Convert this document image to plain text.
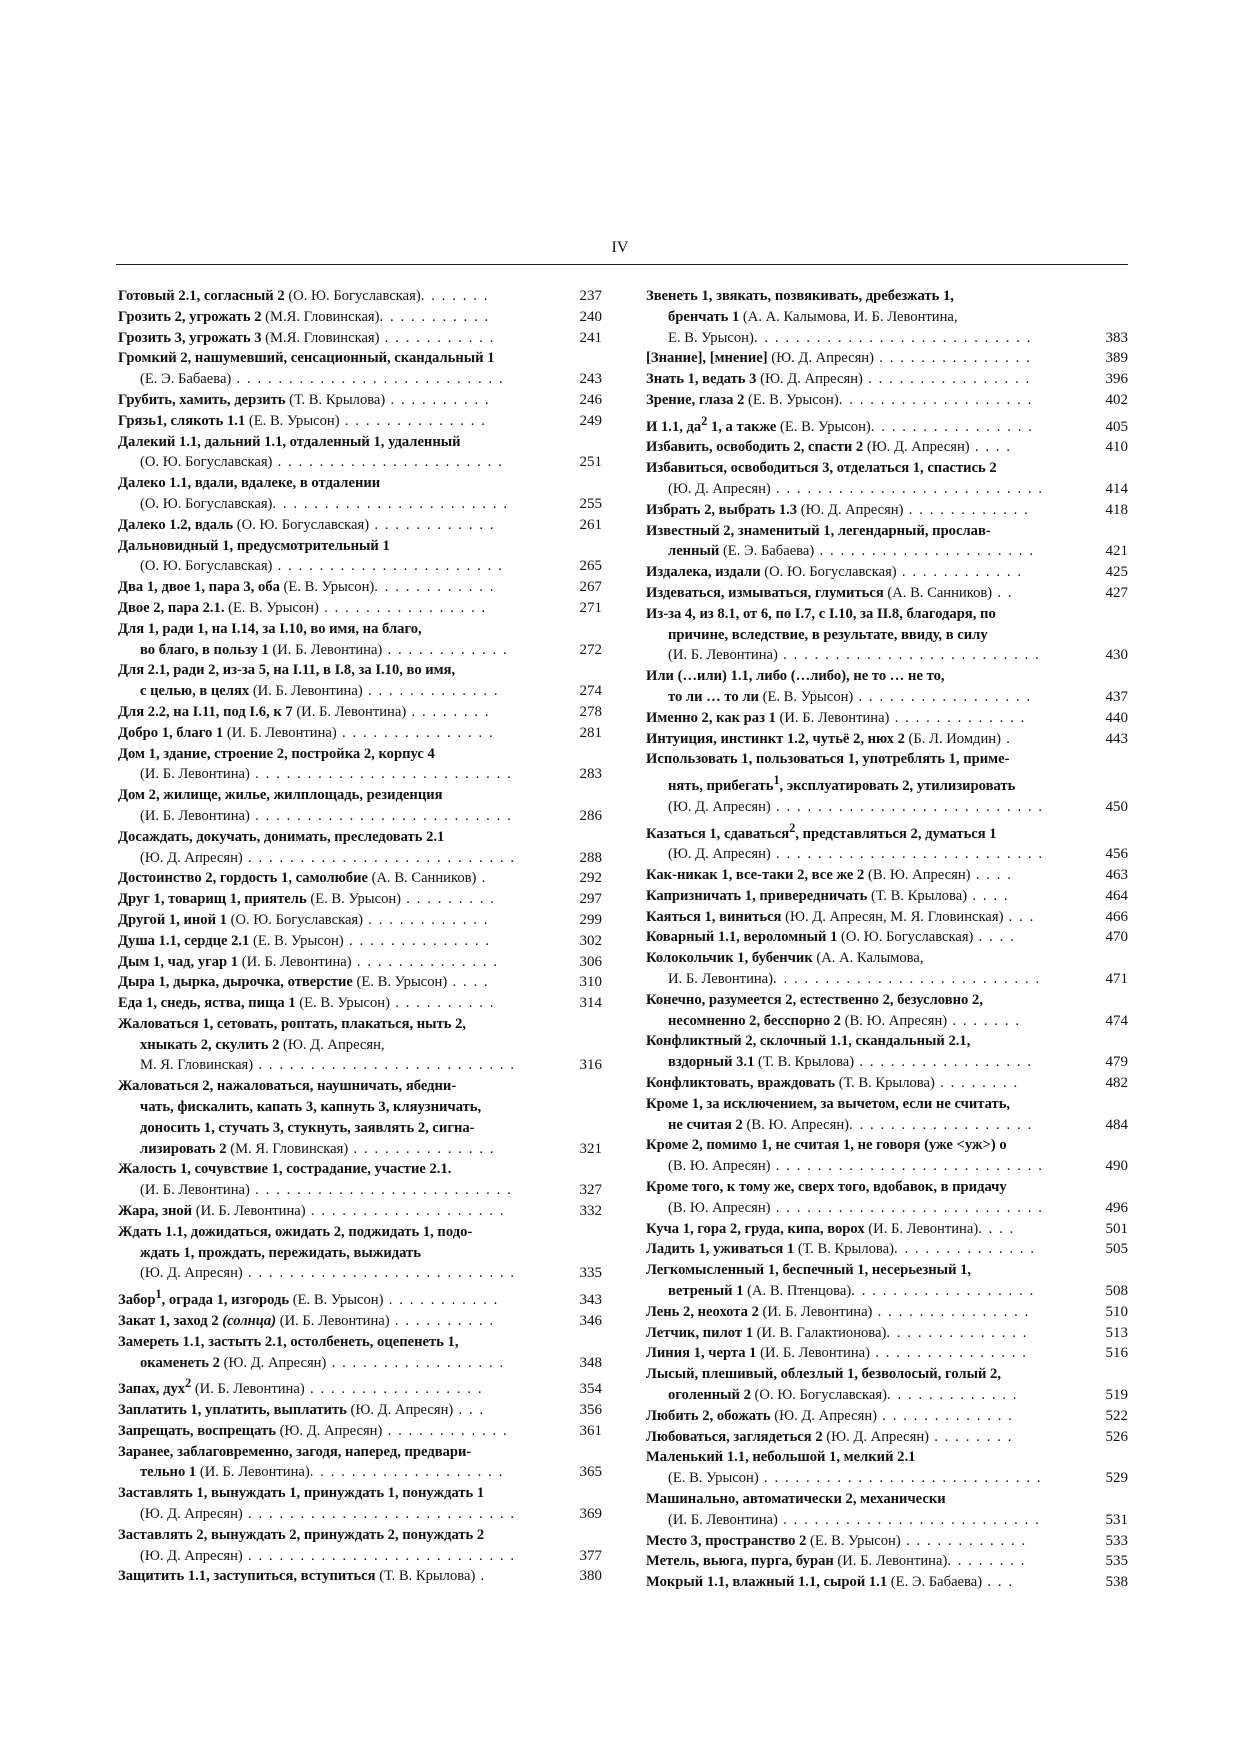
IV
Готовый 2.1, согласный 2 (О. Ю. Богуславская). . . . . . .	237
Грозить 2, угрожать 2 (М.Я. Гловинская). . . . . . . . . . .	240
Грозить 3, угрожать 3 (М.Я. Гловинская) . . . . . . . . . . .	241
Громкий 2, нашумевший, сенсационный, скандальный 1
(Е. Э. Бабаева) . . . . . . . . . . . . . . . . . . . . . . . . . .	243
Грубить, хамить, дерзить (Т. В. Крылова) . . . . . . . . . .	246
Грязь1, слякоть 1.1 (Е. В. Урысон) . . . . . . . . . . . . . .	249
Далекий 1.1, дальний 1.1, отдаленный 1, удаленный
(О. Ю. Богуславская) . . . . . . . . . . . . . . . . . . . . . .	251
Далеко 1.1, вдали, вдалеке, в отдалении
(О. Ю. Богуславская). . . . . . . . . . . . . . . . . . . . . . .	255
Далеко 1.2, вдаль (О. Ю. Богуславская) . . . . . . . . . . . .	261
Дальновидный 1, предусмотрительный 1
(О. Ю. Богуславская) . . . . . . . . . . . . . . . . . . . . . .	265
Два 1, двое 1, пара 3, оба (Е. В. Урысон). . . . . . . . . . . .	267
Двое 2, пара 2.1. (Е. В. Урысон) . . . . . . . . . . . . . . . .	271
Для 1, ради 1, на I.14, за I.10, во имя, на благо,
во благо, в пользу 1 (И. Б. Левонтина) . . . . . . . . . . . .	272
Для 2.1, ради 2, из-за 5, на I.11, в I.8, за I.10, во имя,
с целью, в целях (И. Б. Левонтина) . . . . . . . . . . . . .	274
Для 2.2, на I.11, под I.6, к 7 (И. Б. Левонтина) . . . . . . . .	278
Добро 1, благо 1 (И. Б. Левонтина) . . . . . . . . . . . . . . .	281
Дом 1, здание, строение 2, постройка 2, корпус 4
(И. Б. Левонтина) . . . . . . . . . . . . . . . . . . . . . . . . .	283
Дом 2, жилище, жилье, жилплощадь, резиденция
(И. Б. Левонтина) . . . . . . . . . . . . . . . . . . . . . . . . .	286
Досаждать, докучать, донимать, преследовать 2.1
(Ю. Д. Апресян) . . . . . . . . . . . . . . . . . . . . . . . . . .	288
Достоинство 2, гордость 1, самолюбие (А. В. Санников) .	292
Друг 1, товарищ 1, приятель (Е. В. Урысон) . . . . . . . . .	297
Другой 1, иной 1 (О. Ю. Богуславская) . . . . . . . . . . . .	299
Душа 1.1, сердце 2.1 (Е. В. Урысон) . . . . . . . . . . . . . .	302
Дым 1, чад, угар 1 (И. Б. Левонтина) . . . . . . . . . . . . . .	306
Дыра 1, дырка, дырочка, отверстие (Е. В. Урысон) . . . .	310
Еда 1, снедь, яства, пища 1 (Е. В. Урысон) . . . . . . . . . .	314
Жаловаться 1, сетовать, роптать, плакаться, ныть 2,
хныкать 2, скулить 2 (Ю. Д. Апресян,
М. Я. Гловинская) . . . . . . . . . . . . . . . . . . . . . . . . .	316
Жаловаться 2, нажаловаться, наушничать, ябедни-
чать, фискалить, капать 3, капнуть 3, кляузничать,
доносить 1, стучать 3, стукнуть, заявлять 2, сигна-
лизировать 2 (М. Я. Гловинская) . . . . . . . . . . . . . .	321
Жалость 1, сочувствие 1, сострадание, участие 2.1.
(И. Б. Левонтина) . . . . . . . . . . . . . . . . . . . . . . . . .	327
Жара, зной (И. Б. Левонтина) . . . . . . . . . . . . . . . . . . .	332
Ждать 1.1, дожидаться, ожидать 2, поджидать 1, подо-
ждать 1, прождать, пережидать, выжидать
(Ю. Д. Апресян) . . . . . . . . . . . . . . . . . . . . . . . . . .	335
Забор$^1$, ограда 1, изгородь (Е. В. Урысон) . . . . . . . . . . .	343
Закат 1, заход 2 (солнца) (И. Б. Левонтина) . . . . . . . . . .	346
Замереть 1.1, застыть 2.1, остолбенеть, оцепенеть 1,
окаменеть 2 (Ю. Д. Апресян) . . . . . . . . . . . . . . . . .	348
Запах, дух$^2$ (И. Б. Левонтина) . . . . . . . . . . . . . . . . .	354
Заплатить 1, уплатить, выплатить (Ю. Д. Апресян) . . .	356
Запрещать, воспрещать (Ю. Д. Апресян) . . . . . . . . . . . .	361
Заранее, заблаговременно, загодя, наперед, предвари-
тельно 1 (И. Б. Левонтина). . . . . . . . . . . . . . . . . . .	365
Заставлять 1, вынуждать 1, принуждать 1, понуждать 1
(Ю. Д. Апресян) . . . . . . . . . . . . . . . . . . . . . . . . . .	369
Заставлять 2, вынуждать 2, принуждать 2, понуждать 2
(Ю. Д. Апресян) . . . . . . . . . . . . . . . . . . . . . . . . . .	377
Защитить 1.1, заступиться, вступиться (Т. В. Крылова) .	380
Звенеть 1, звякать, позвякивать, дребезжать 1,
бренчать 1 (А. А. Калымова, И. Б. Левонтина,
Е. В. Урысон). . . . . . . . . . . . . . . . . . . . . . . . . . .	383
[Знание], [мнение] (Ю. Д. Апресян) . . . . . . . . . . . . . . .	389
Знать 1, ведать 3 (Ю. Д. Апресян) . . . . . . . . . . . . . . . .	396
Зрение, глаза 2 (Е. В. Урысон). . . . . . . . . . . . . . . . . . .	402
И 1.1, $да^2$ 1, а также (Е. В. Урысон). . . . . . . . . . . . . . . .	405
Избавить, освободить 2, спасти 2 (Ю. Д. Апресян) . . . .	410
Избавиться, освободиться 3, отделаться 1, спастись 2
(Ю. Д. Апресян) . . . . . . . . . . . . . . . . . . . . . . . . . .	414
Избрать 2, выбрать 1.3 (Ю. Д. Апресян) . . . . . . . . . . . .	418
Известный 2, знаменитый 1, легендарный, прослав-
ленный (Е. Э. Бабаева) . . . . . . . . . . . . . . . . . . . . .	421
Издалека, издали (О. Ю. Богуславская) . . . . . . . . . . . .	425
Издеваться, измываться, глумиться (А. В. Санников) . .	427
Из-за 4, из 8.1, от 6, по I.7, с I.10, за II.8, благодаря, по
причине, вследствие, в результате, ввиду, в силу
(И. Б. Левонтина) . . . . . . . . . . . . . . . . . . . . . . . . .	430
Или (…или) 1.1, либо (…либо), не то … не то,
то ли … то ли (Е. В. Урысон) . . . . . . . . . . . . . . . . .	437
Именно 2, как раз 1 (И. Б. Левонтина) . . . . . . . . . . . . .	440
Интуиция, инстинкт 1.2, чутьё 2, нюх 2 (Б. Л. Иомдин) .	443
Использовать 1, пользоваться 1, употреблять 1, приме-
нять, прибегать$^1$, эксплуатировать 2, утилизировать
(Ю. Д. Апресян) . . . . . . . . . . . . . . . . . . . . . . . . . .	450
Казаться 1, сдаваться$^2$, представляться 2, думаться 1
(Ю. Д. Апресян) . . . . . . . . . . . . . . . . . . . . . . . . . .	456
Как-никак 1, все-таки 2, все же 2 (В. Ю. Апресян) . . . .	463
Капризничать 1, привередничать (Т. В. Крылова) . . . .	464
Каяться 1, виниться (Ю. Д. Апресян, М. Я. Гловинская) . . .	466
Коварный 1.1, вероломный 1 (О. Ю. Богуславская) . . . .	470
Колокольчик 1, бубенчик (А. А. Калымова,
И. Б. Левонтина). . . . . . . . . . . . . . . . . . . . . . . . . .	471
Конечно, разумеется 2, естественно 2, безусловно 2,
несомненно 2, бесспорно 2 (В. Ю. Апресян) . . . . . . .	474
Конфликтный 2, склочный 1.1, скандальный 2.1,
вздорный 3.1 (Т. В. Крылова) . . . . . . . . . . . . . . . . .	479
Конфликтовать, враждовать (Т. В. Крылова) . . . . . . . .	482
Кроме 1, за исключением, за вычетом, если не считать,
не считая 2 (В. Ю. Апресян). . . . . . . . . . . . . . . . . .	484
Кроме 2, помимо 1, не считая 1, не говоря (уже <уж>) о
(В. Ю. Апресян) . . . . . . . . . . . . . . . . . . . . . . . . . .	490
Кроме того, к тому же, сверх того, вдобавок, в придачу
(В. Ю. Апресян) . . . . . . . . . . . . . . . . . . . . . . . . . .	496
Куча 1, гора 2, груда, кипа, ворох (И. Б. Левонтина). . . .	501
Ладить 1, уживаться 1 (Т. В. Крылова). . . . . . . . . . . . . .	505
Легкомысленный 1, беспечный 1, несерьезный 1,
ветреный 1 (А. В. Птенцова). . . . . . . . . . . . . . . . . .	508
Лень 2, неохота 2 (И. Б. Левонтина) . . . . . . . . . . . . . . .	510
Летчик, пилот 1 (И. В. Галактионова). . . . . . . . . . . . . .	513
Линия 1, черта 1 (И. Б. Левонтина) . . . . . . . . . . . . . . .	516
Лысый, плешивый, облезлый 1, безволосый, голый 2,
оголенный 2 (О. Ю. Богуславская). . . . . . . . . . . . .	519
Любить 2, обожать (Ю. Д. Апресян) . . . . . . . . . . . . .	522
Любоваться, заглядеться 2 (Ю. Д. Апресян) . . . . . . . .	526
Маленький 1.1, небольшой 1, мелкий 2.1
(Е. В. Урысон) . . . . . . . . . . . . . . . . . . . . . . . . . . .	529
Машинально, автоматически 2, механически
(И. Б. Левонтина) . . . . . . . . . . . . . . . . . . . . . . . . .	531
Место 3, пространство 2 (Е. В. Урысон) . . . . . . . . . . . .	533
Метель, вьюга, пурга, буран (И. Б. Левонтина). . . . . . . .	535
Мокрый 1.1, влажный 1.1, сырой 1.1 (Е. Э. Бабаева) . . .	538
